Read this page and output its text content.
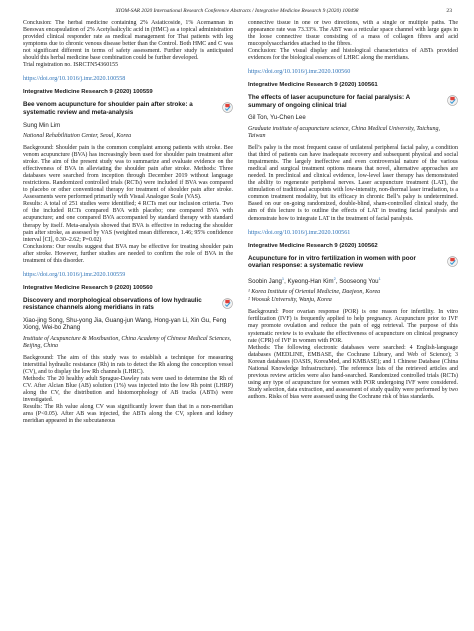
XIOM-SAR 2020 International Research Conference Abstracts / Integrative Medicine Research 9 (2020) 100498	23

Conclusion: The herbal medicine containing 2% Asiaticoside, 1% Acemannan in Beeswax encapsulation of 2% Acetylsalicylic acid in (HMC) as a topical administration provided clinical responder rate as medical management for Thai patients with leg symptoms due to chronic venous disease better than the Control. Both HMC and C was not significant different in terms of safety assessment. Further study is anticipated should this herbal medicine base combination could be further developed.

Trial registration no. ISRCTN54360155

https://doi.org/10.1016/j.imr.2020.100558
Integrative Medicine Research 9 (2020) 100559
Bee venom acupuncture for shoulder pain after stroke: a systematic review and meta-analysis
Sung Min Lim
National Rehabilitation Center, Seoul, Korea

Background: Shoulder pain is the common complaint among patients with stroke. Bee venom acupuncture (BVA) has increasingly been used for shoulder pain treatment after stroke. The aim of the present study was to summarize and evaluate evidence on the effectiveness of BVA in alleviating the shoulder pain after stroke. Methods: Three databases were searched from inception through December 2019 without language restrictions. Randomized controlled trials (RCTs) were included if BVA was compared to placebo or other conventional therapy for treatment of shoulder pain after stroke. Assessments were performed primarily with Visual Analogue Scale (VAS).

Results: A total of 251 studies were identified; 4 RCTs met our inclusion criteria. Two of the included RCTs compared BVA with placebo; one compared BVA with acupuncture; and one compared BVA accompanied by standard therapy with standard therapy by itself. Meta-analysis showed that BVA is effective in reducing the shoulder pain after stroke, as assessed by VAS (weighted mean difference, 1.46; 95% confidence interval [CI], 0.30–2.62; P=0.02)

Conclusions: Our results suggest that BVA may be effective for treating shoulder pain after stroke. However, further studies are needed to confirm the role of BVA in the treatment of this disorder.

https://doi.org/10.1016/j.imr.2020.100559
Integrative Medicine Research 9 (2020) 100560
Discovery and morphological observations of low hydraulic resistance channels along meridians in rats
Xiao-jing Song, Shu-yong Jia, Guang-jun Wang, Hong-yan Li, Xin Gu, Feng Xiong, Wei-bo Zhang
Institute of Acupuncture & Moxibustion, China Academy of Chinese Medical Sciences, Beijing, China

Background: The aim of this study was to establish a technique for measuring interstitial hydraulic resistance (Rh) in rats to detect the Rh along the conception vessel (CV), and to display the low Rh channels (LHRC).

Methods: The 20 healthy adult Sprague-Dawley rats were used to determine the Rh of CV. After Alcian Blue (AB) solution (1%) was injected into the low Rh point (LHRP) along the CV, the distribution and histomorphology of AB tracks (ABTs) were investigated.

Results: The Rh value along CV was significantly lower than that in a non-meridian area (P<0.05). After AB was injected, the ABTs along the CV, spleen and kidney meridian appeared in the subcutaneous

connective tissue in one or two directions, with a single or multiple paths. The appearance rate was 73.33%. The ABT was a reticular space channel with large gaps in the loose connective tissue consisting of a mass of collagen fibres and acid mucopolysaccharides attached to the fibres.

Conclusion: The visual display and histological characteristics of ABTs provided evidences for the biological essences of LHRC along the meridians.

https://doi.org/10.1016/j.imr.2020.100560
Integrative Medicine Research 9 (2020) 100561
The effects of laser acupuncture for facial paralysis: A summary of ongoing clinical trial
Gil Ton, Yu-Chen Lee
Graduate institute of acupuncture science, China Medical University, Taichung, Taiwan

Bell’s palsy is the most frequent cause of unilateral peripheral facial palsy, a condition that third of patients can have inadequate recovery and subsequent physical and social impairments. The largely ineffective and even controversial nature of the various medical and surgical treatment options means that novel, alternative approaches are needed. In preclinical and clinical evidence, low-level laser therapy has demonstrated the ability to regenerate peripheral nerves. Laser acupuncture treatment (LAT), the stimulation of traditional acupoints with low-intensity, non-thermal laser irradiation, is a common treatment modality, but its efficacy in chronic Bell’s palsy is undetermined. Based on our on-going randomized, double-blind, sham-controlled clinical study, the aim of this lecture is to outline the effects of LAT in treating facial paralysis and demonstrate how to integrate LAT in the treatment of facial paralysis.

https://doi.org/10.1016/j.imr.2020.100561
Integrative Medicine Research 9 (2020) 100562
Acupuncture for in vitro fertilization in women with poor ovarian response: a systematic review
Soobin Jang$^1$, Kyeong-Han Kim$^2$, Sooseong You$^1$
¹ Korea Institute of Oriental Medicine, Daejeon, Korea
² Woosuk University, Wanju, Korea

Background: Poor ovarian response (POR) is one reason for infertility. In vitro fertilization (IVF) is frequently applied to help pregnancy. Acupuncture prior to IVF may promote ovulation and reduce the pain of egg retrieval. The purpose of this systematic review is to evaluate the effectiveness of acupuncture on clinical pregnancy rate (CPR) of IVF in women with POR.

Methods: The following electronic databases were searched: 4 English-language databases (MEDLINE, EMBASE, the Cochrane Library, and Web of Science); 3 Korean databases (OASIS, KoreaMed, and KMBASE); and 1 Chinese Database (China National Knowledge Infrastructure). The reference lists of the retrieved articles and previous review articles were also hand-searched. Randomized controlled trials (RCTs) using any type of acupuncture for women with POR undergoing IVF were considered. Study selection, data extraction, and assessment of study quality were performed by two authors. Risks of bias were assessed using the Cochrane risk of bias standards.
